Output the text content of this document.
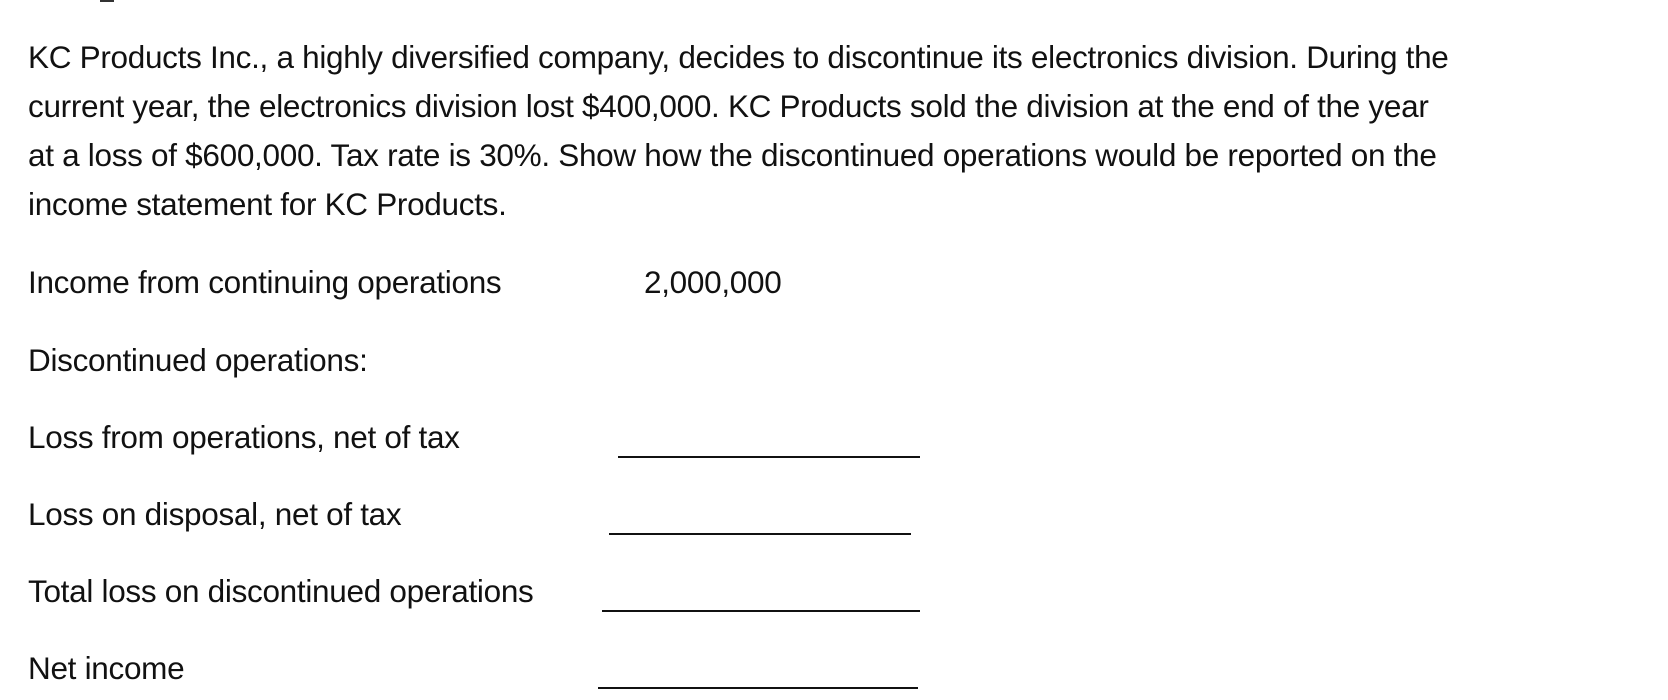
KC Products Inc., a highly diversified company, decides to discontinue its electronics division. During the
current year, the electronics division lost $400,000. KC Products sold the division at the end of the year
at a loss of $600,000. Tax rate is 30%. Show how the discontinued operations would be reported on the
income statement for KC Products.

Income from continuing operations	2,000,000
Discontinued operations:
Loss from operations, net of tax
Loss on disposal, net of tax
Total loss on discontinued operations
Net income
